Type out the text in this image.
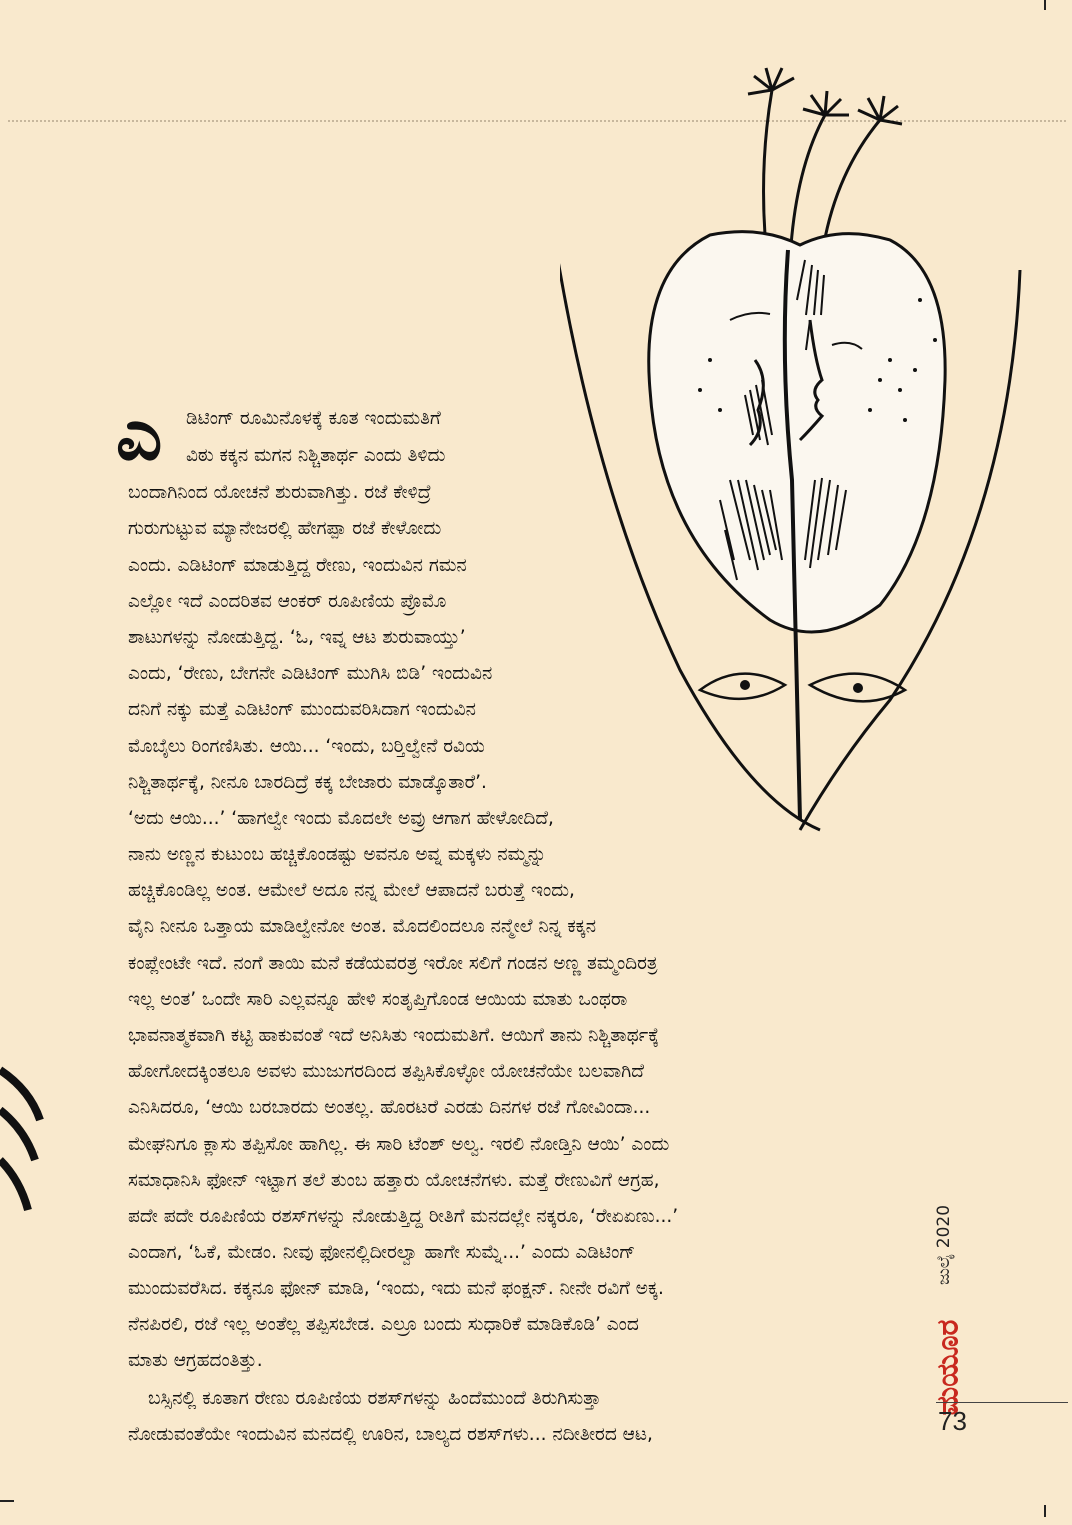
ಎ ಡಿಟಿಂಗ್ ರೂಮಿನೊಳಕ್ಕೆ ಕೂತ ಇಂದುಮತಿಗೆ
ವಿಠು ಕಕ್ಕನ ಮಗನ ನಿಶ್ಚಿತಾರ್ಥ ಎಂದು ತಿಳಿದು
ಬಂದಾಗಿನಿಂದ ಯೋಚನೆ ಶುರುವಾಗಿತ್ತು. ರಜೆ ಕೇಳಿದ್ರೆ
ಗುರುಗುಟ್ಟುವ ಮ್ಯಾನೇಜರಲ್ಲಿ ಹೇಗಪ್ಪಾ ರಜೆ ಕೇಳೋದು
ಎಂದು. ಎಡಿಟಿಂಗ್ ಮಾಡುತ್ತಿದ್ದ ರೇಣು, ಇಂದುವಿನ ಗಮನ
ಎಲ್ಲೋ ಇದೆ ಎಂದರಿತವ ಆಂಕರ್ ರೂಪಿಣಿಯ ಪ್ರೊಮೊ
ಶಾಟುಗಳನ್ನು ನೋಡುತ್ತಿದ್ದ. ‘ಓ, ಇವ್ನ ಆಟ ಶುರುವಾಯ್ತು’
ಎಂದು, ‘ರೇಣು, ಬೇಗನೇ ಎಡಿಟಿಂಗ್ ಮುಗಿಸಿ ಬಿಡಿ’ ಇಂದುವಿನ
ದನಿಗೆ ನಕ್ಕು ಮತ್ತೆ ಎಡಿಟಿಂಗ್ ಮುಂದುವರಿಸಿದಾಗ ಇಂದುವಿನ
ಮೊಬೈಲು ರಿಂಗಣಿಸಿತು. ಆಯಿ... ‘ಇಂದು, ಬರ‍್ತಿಲ್ವೇನೆ ರವಿಯ
ನಿಶ್ಚಿತಾರ್ಥಕ್ಕೆ, ನೀನೂ ಬಾರದಿದ್ರೆ ಕಕ್ಕ ಬೇಜಾರು ಮಾಡ್ಕೊತಾರೆ’.
‘ಅದು ಆಯಿ...’ ‘ಹಾಗಲ್ವೇ ಇಂದು ಮೊದಲೇ ಅವ್ರು ಆಗಾಗ ಹೇಳೋದಿದೆ,
ನಾನು ಅಣ್ಣನ ಕುಟುಂಬ ಹಚ್ಚಿಕೊಂಡಷ್ಟು ಅವನೂ ಅವ್ನ ಮಕ್ಕಳು ನಮ್ಮನ್ನು
ಹಚ್ಚಿಕೊಂಡಿಲ್ಲ ಅಂತ. ಆಮೇಲೆ ಅದೂ ನನ್ನ ಮೇಲೆ ಆಪಾದನೆ ಬರುತ್ತೆ ಇಂದು,
ವೈನಿ ನೀನೂ ಒತ್ತಾಯ ಮಾಡಿಲ್ವೇನೋ ಅಂತ. ಮೊದಲಿಂದಲೂ ನನ್ಮೇಲೆ ನಿನ್ನ ಕಕ್ಕನ
ಕಂಪ್ಲೇಂಟೇ ಇದೆ. ನಂಗೆ ತಾಯಿ ಮನೆ ಕಡೆಯವರತ್ರ ಇರೋ ಸಲಿಗೆ ಗಂಡನ ಅಣ್ಣ ತಮ್ಮಂದಿರತ್ರ
ಇಲ್ಲ ಅಂತ’ ಒಂದೇ ಸಾರಿ ಎಲ್ಲವನ್ನೂ ಹೇಳಿ ಸಂತೃಪ್ತಿಗೊಂಡ ಆಯಿಯ ಮಾತು ಒಂಥರಾ
ಭಾವನಾತ್ಮಕವಾಗಿ ಕಟ್ಟಿ ಹಾಕುವಂತೆ ಇದೆ ಅನಿಸಿತು ಇಂದುಮತಿಗೆ. ಆಯಿಗೆ ತಾನು ನಿಶ್ಚಿತಾರ್ಥಕ್ಕೆ
ಹೋಗೋದಕ್ಕಿಂತಲೂ ಅವಳು ಮುಜುಗರದಿಂದ ತಪ್ಪಿಸಿಕೊಳ್ಳೋ ಯೋಚನೆಯೇ ಬಲವಾಗಿದೆ
ಎನಿಸಿದರೂ, ‘ಆಯಿ ಬರಬಾರದು ಅಂತಲ್ಲ. ಹೊರಟರೆ ಎರಡು ದಿನಗಳ ರಜೆ ಗೋವಿಂದಾ...
ಮೇಘನಿಗೂ ಕ್ಲಾಸು ತಪ್ಪಿಸೋ ಹಾಗಿಲ್ಲ. ಈ ಸಾರಿ ಟೆಂಶ್ ಅಲ್ವ. ಇರಲಿ ನೋಡ್ತಿನಿ ಆಯಿ’ ಎಂದು
ಸಮಾಧಾನಿಸಿ ಫೋನ್ ಇಟ್ಟಾಗ ತಲೆ ತುಂಬ ಹತ್ತಾರು ಯೋಚನೆಗಳು. ಮತ್ತೆ ರೇಣುವಿಗೆ ಆಗ್ರಹ,
ಪದೇ ಪದೇ ರೂಪಿಣಿಯ ರಶಸ್‌ಗಳನ್ನು ನೋಡುತ್ತಿದ್ದ ರೀತಿಗೆ ಮನದಲ್ಲೇ ನಕ್ಕರೂ, ‘ರೇಏಏಣು...’
ಎಂದಾಗ, ‘ಓಕೆ, ಮೇಡಂ. ನೀವು ಫೋನಲ್ಲಿದೀರಲ್ವಾ ಹಾಗೇ ಸುಮ್ನೆ...’ ಎಂದು ಎಡಿಟಿಂಗ್
ಮುಂದುವರೆಸಿದ. ಕಕ್ಕನೂ ಫೋನ್ ಮಾಡಿ, ‘ಇಂದು, ಇದು ಮನೆ ಫಂಕ್ಷನ್. ನೀನೇ ರವಿಗೆ ಅಕ್ಕ.
ನೆನಪಿರಲಿ, ರಜೆ ಇಲ್ಲ ಅಂತೆಲ್ಲ ತಪ್ಪಿಸಬೇಡ. ಎಲ್ರೂ ಬಂದು ಸುಧಾರಿಕೆ ಮಾಡಿಕೊಡಿ’ ಎಂದ
ಮಾತು ಆಗ್ರಹದಂತಿತ್ತು.
ಬಸ್ಸಿನಲ್ಲಿ ಕೂತಾಗ ರೇಣು ರೂಪಿಣಿಯ ರಶಸ್‌ಗಳನ್ನು ಹಿಂದೆಮುಂದೆ ತಿರುಗಿಸುತ್ತಾ
ನೋಡುವಂತೆಯೇ ಇಂದುವಿನ ಮನದಲ್ಲಿ ಊರಿನ, ಬಾಲ್ಯದ ರಶಸ್‌ಗಳು... ನದೀತೀರದ ಆಟ,
ಜುಲೈ 2020
ಮಯೂರ
73
